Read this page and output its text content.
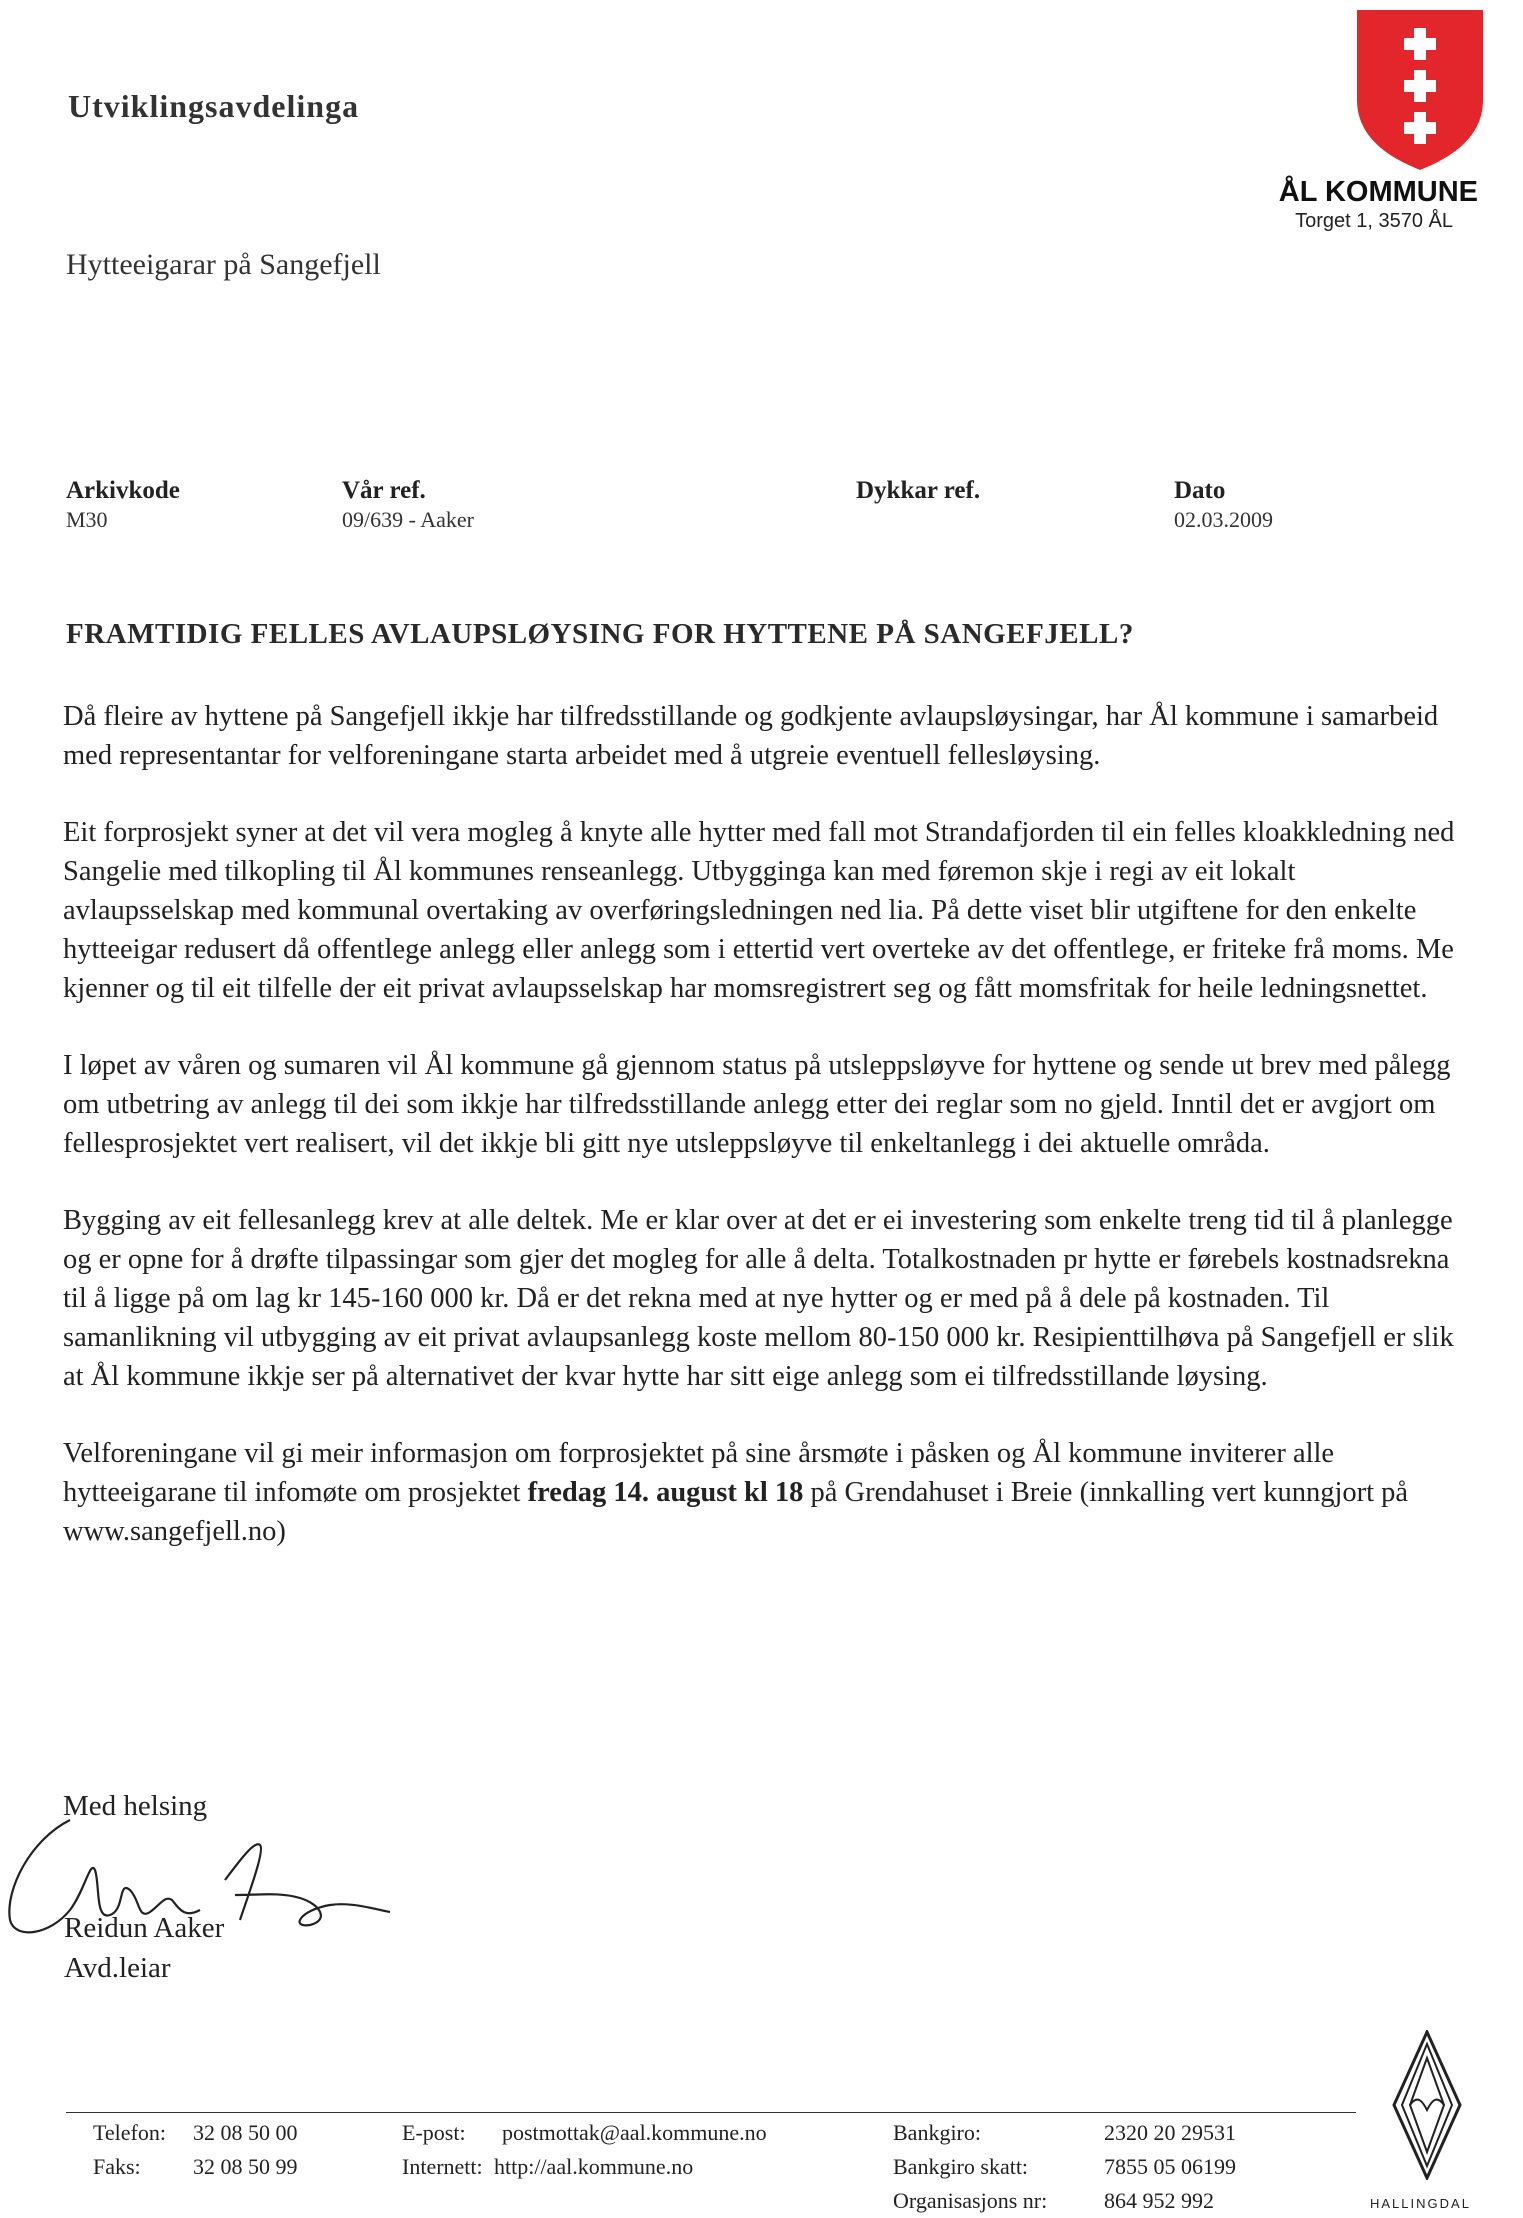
Utviklingsavdelinga
Hytteeigarar på Sangefjell
ÅL KOMMUNE
Torget 1, 3570 ÅL
Arkivkode
M30
Vår ref.
09/639 - Aaker
Dykkar ref.	Dato
02.03.2009
FRAMTIDIG FELLES AVLAUPSLØYSING FOR HYTTENE PÅ SANGEFJELL?

Då fleire av hyttene på Sangefjell ikkje har tilfredsstillande og godkjente avlaupsløysingar, har Ål kommune i samarbeid med representantar for velforeningane starta arbeidet med å utgreie eventuell fellesløysing.

Eit forprosjekt syner at det vil vera mogleg å knyte alle hytter med fall mot Strandafjorden til ein felles kloakkledning ned Sangelie med tilkopling til Ål kommunes renseanlegg. Utbygginga kan med føremon skje i regi av eit lokalt avlaupsselskap med kommunal overtaking av overføringsledningen ned lia. På dette viset blir utgiftene for den enkelte hytteeigar redusert då offentlege anlegg eller anlegg som i ettertid vert overteke av det offentlege, er friteke frå moms. Me kjenner og til eit tilfelle der eit privat avlaupsselskap har momsregistrert seg og fått momsfritak for heile ledningsnettet.

I løpet av våren og sumaren vil Ål kommune gå gjennom status på utsleppsløyve for hyttene og sende ut brev med pålegg om utbetring av anlegg til dei som ikkje har tilfredsstillande anlegg etter dei reglar som no gjeld. Inntil det er avgjort om fellesprosjektet vert realisert, vil det ikkje bli gitt nye utsleppsløyve til enkeltanlegg i dei aktuelle områda.

Bygging av eit fellesanlegg krev at alle deltek. Me er klar over at det er ei investering som enkelte treng tid til å planlegge og er opne for å drøfte tilpassingar som gjer det mogleg for alle å delta. Totalkostnaden pr hytte er førebels kostnadsrekna til å ligge på om lag kr 145-160 000 kr. Då er det rekna med at nye hytter og er med på å dele på kostnaden. Til samanlikning vil utbygging av eit privat avlaupsanlegg koste mellom 80-150 000 kr. Resipienttilhøva på Sangefjell er slik at Ål kommune ikkje ser på alternativet der kvar hytte har sitt eige anlegg som ei tilfredsstillande løysing.

Velforeningane vil gi meir informasjon om forprosjektet på sine årsmøte i påsken og Ål kommune inviterer alle hytteeigarane til infomøte om prosjektet fredag 14. august kl 18 på Grendahuset i Breie (innkalling vert kunngjort på www.sangefjell.no)

Med helsing
Reidun Aaker
Avd.leiar
Telefon:
Faks:
32 08 50 00
32 08 50 99
E-post:
Internett:
postmottak@aal.kommune.no
http://aal.kommune.no
Bankgiro:
Bankgiro skatt:
Organisasjons nr:
2320 20 29531
7855 05 06199
864 952 992	HALLINGDAL
